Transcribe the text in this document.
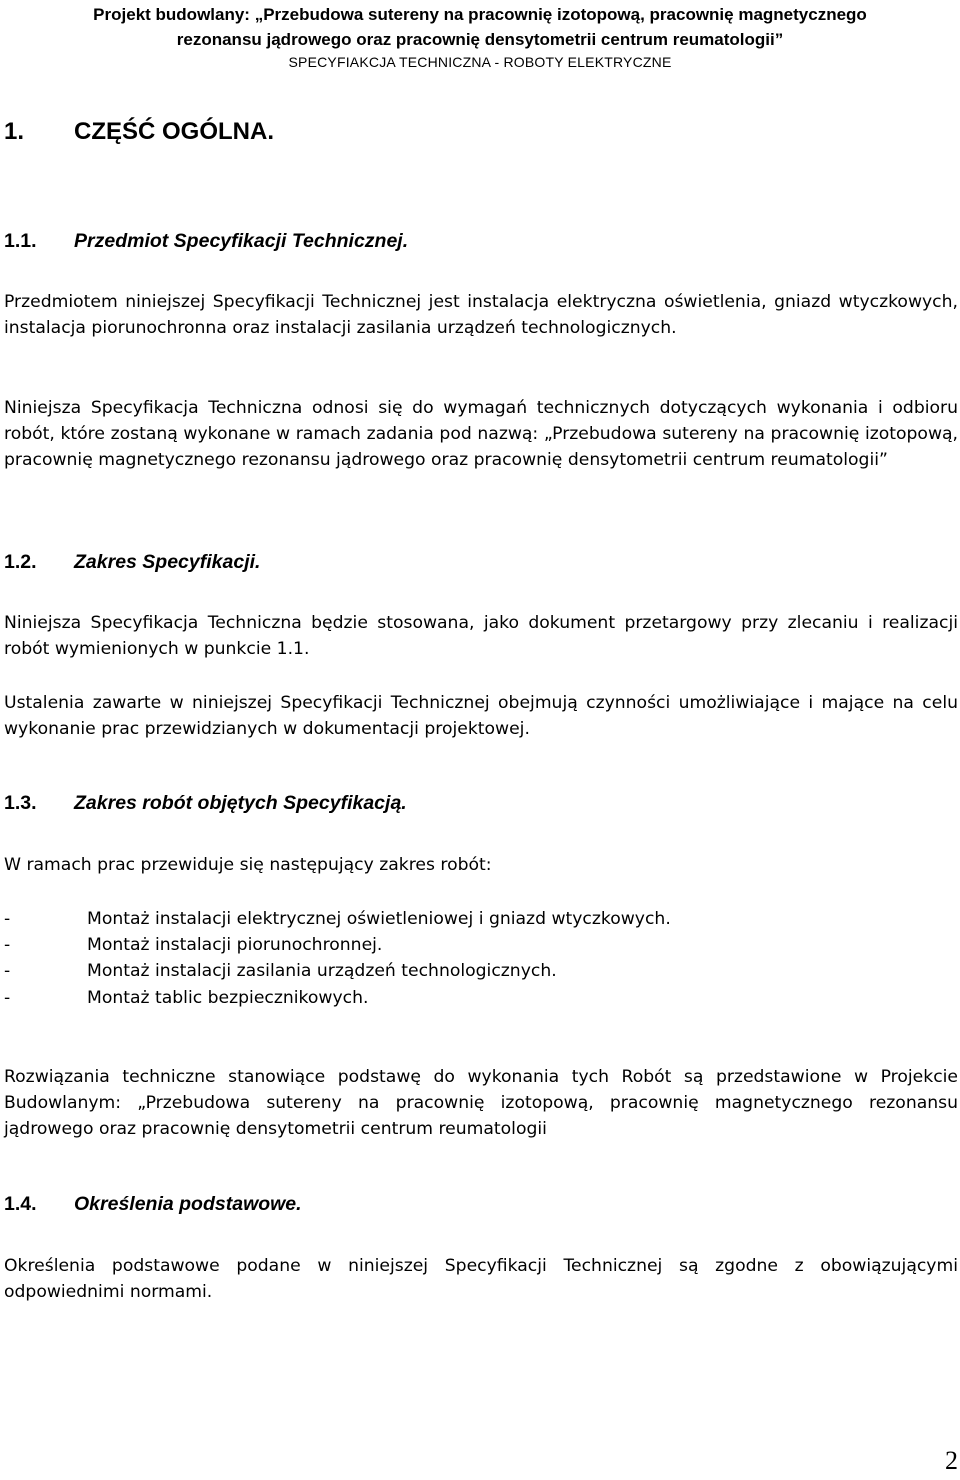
Projekt budowlany: „Przebudowa sutereny na pracownię izotopową, pracownię magnetycznego
rezonansu jądrowego oraz pracownię densytometrii centrum reumatologii”
SPECYFIAKCJA TECHNICZNA - ROBOTY ELEKTRYCZNE
1. CZĘŚĆ OGÓLNA.
1.1. Przedmiot Specyfikacji Technicznej.
Przedmiotem niniejszej Specyfikacji Technicznej jest instalacja elektryczna oświetlenia, gniazd wtyczkowych, instalacja piorunochronna oraz instalacji zasilania urządzeń technologicznych.
Niniejsza Specyfikacja Techniczna odnosi się do wymagań technicznych dotyczących wykonania i odbioru robót, które zostaną wykonane w ramach zadania pod nazwą: „Przebudowa sutereny na pracownię izotopową, pracownię magnetycznego rezonansu jądrowego oraz pracownię densytometrii centrum reumatologii”
1.2. Zakres Specyfikacji.
Niniejsza Specyfikacja Techniczna będzie stosowana, jako dokument przetargowy przy zlecaniu i realizacji robót wymienionych w punkcie 1.1.
Ustalenia zawarte w niniejszej Specyfikacji Technicznej obejmują czynności umożliwiające i mające na celu wykonanie prac przewidzianych w dokumentacji projektowej.
1.3. Zakres robót objętych Specyfikacją.
W ramach prac przewiduje się następujący zakres robót:
-	Montaż instalacji elektrycznej oświetleniowej i gniazd wtyczkowych.
-	Montaż instalacji piorunochronnej.
-	Montaż instalacji zasilania urządzeń technologicznych.
-	Montaż tablic bezpiecznikowych.
Rozwiązania techniczne stanowiące podstawę do wykonania tych Robót są przedstawione w Projekcie Budowlanym: „Przebudowa sutereny na pracownię izotopową, pracownię magnetycznego rezonansu jądrowego oraz pracownię densytometrii centrum reumatologii
1.4. Określenia podstawowe.
Określenia podstawowe podane w niniejszej Specyfikacji Technicznej są zgodne z obowiązującymi odpowiednimi normami.
2
